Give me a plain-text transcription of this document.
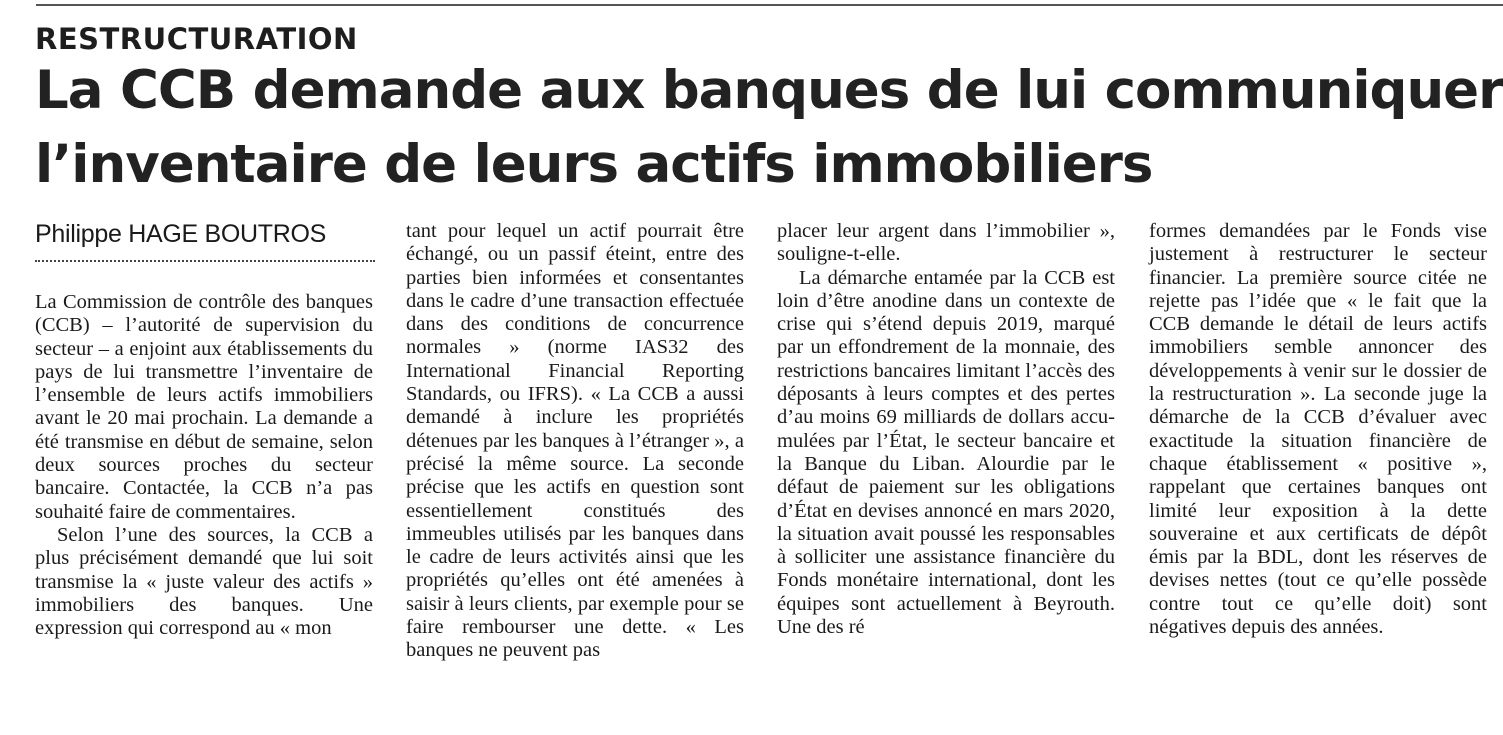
RESTRUCTURATION
La CCB demande aux banques de lui communiquer
l’inventaire de leurs actifs immobiliers
Philippe HAGE BOUTROS

La Commission de contrôle des banques (CCB) – l’autorité de supervision du secteur – a enjoint aux établissements du pays de lui transmettre l’inventaire de l’ensemble de leurs actifs immobiliers avant le 20 mai prochain. La demande a été transmise en début de semaine, selon deux sources proches du secteur bancaire. Contactée, la CCB n’a pas souhaité faire de commentaires.

Selon l’une des sources, la CCB a plus précisément demandé que lui soit transmise la « juste valeur des actifs » immobiliers des banques. Une expression qui correspond au « mon

tant pour lequel un actif pourrait être échangé, ou un passif éteint, entre des parties bien informées et consentantes dans le cadre d’une transaction effectuée dans des conditions de concurrence normales » (norme IAS32 des International Financial Reporting Standards, ou IFRS). « La CCB a aussi demandé à inclure les propriétés détenues par les banques à l’étranger », a précisé la même source. La seconde précise que les actifs en question sont essentiellement constitués des immeubles utilisés par les banques dans le cadre de leurs activités ainsi que les propriétés qu’elles ont été amenées à saisir à leurs clients, par exemple pour se faire rembourser une dette. « Les banques ne peuvent pas

placer leur argent dans l’immobilier », souligne-t-elle.

La démarche entamée par la CCB est loin d’être anodine dans un contexte de crise qui s’étend depuis 2019, marqué par un effondrement de la monnaie, des restrictions bancaires limitant l’accès des déposants à leurs comptes et des pertes d’au moins 69 milliards de dollars accumulées par l’État, le secteur bancaire et la Banque du Liban. Alourdie par le défaut de paiement sur les obligations d’État en devises annoncé en mars 2020, la situation avait poussé les responsables à solliciter une assistance financière du Fonds monétaire international, dont les équipes sont actuellement à Beyrouth. Une des ré

formes demandées par le Fonds vise justement à restructurer le secteur financier. La première source citée ne rejette pas l’idée que « le fait que la CCB demande le détail de leurs actifs immobiliers semble annoncer des développements à venir sur le dossier de la restructuration ». La seconde juge la démarche de la CCB d’évaluer avec exactitude la situation financière de chaque établissement « positive », rappelant que certaines banques ont limité leur exposition à la dette souveraine et aux certificats de dépôt émis par la BDL, dont les réserves de devises nettes (tout ce qu’elle possède contre tout ce qu’elle doit) sont négatives depuis des années.
